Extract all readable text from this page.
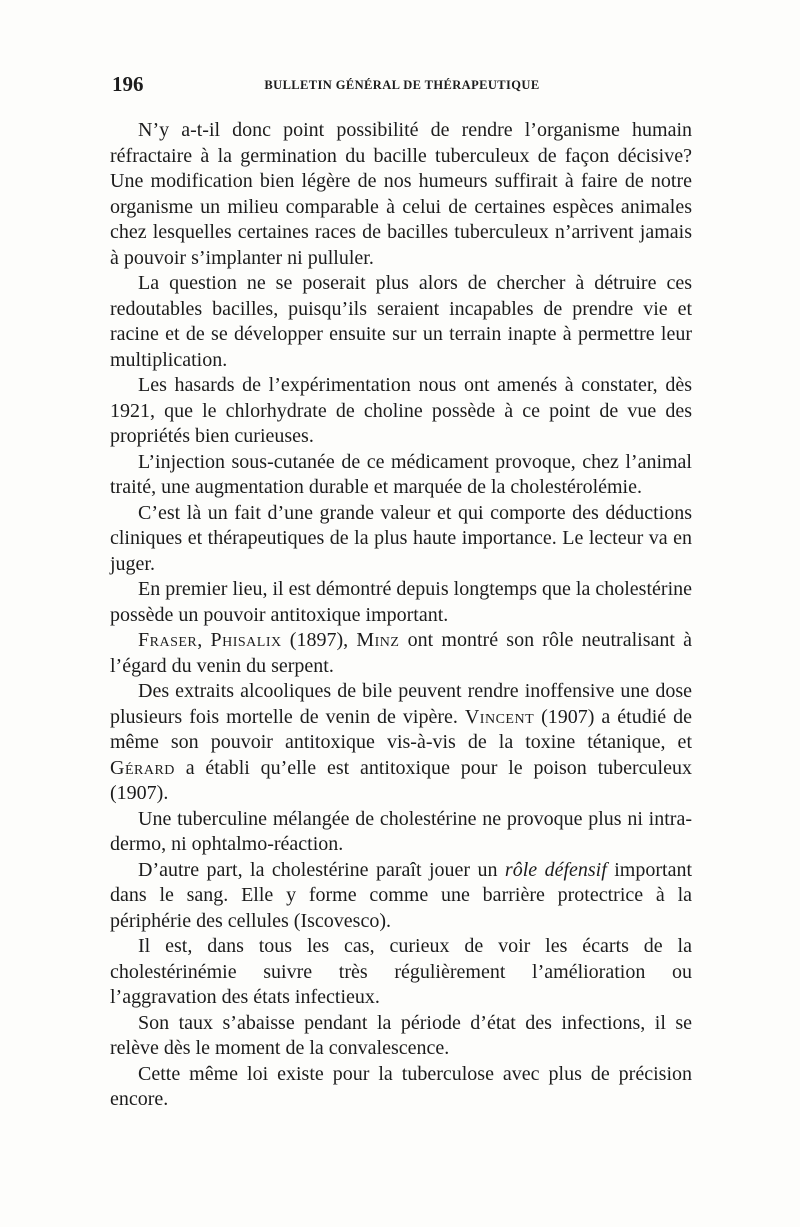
196	BULLETIN GÉNÉRAL DE THÉRAPEUTIQUE

N’y a-t-il donc point possibilité de rendre l’organisme humain réfractaire à la germination du bacille tuberculeux de façon décisive? Une modification bien légère de nos humeurs suffirait à faire de notre organisme un milieu comparable à celui de certaines espèces animales chez lesquelles certaines races de bacilles tuberculeux n’arrivent jamais à pouvoir s’implanter ni pulluler.

La question ne se poserait plus alors de chercher à détruire ces redoutables bacilles, puisqu’ils seraient incapables de prendre vie et racine et de se développer ensuite sur un terrain inapte à permettre leur multiplication.

Les hasards de l’expérimentation nous ont amenés à constater, dès 1921, que le chlorhydrate de choline possède à ce point de vue des propriétés bien curieuses.

L’injection sous-cutanée de ce médicament provoque, chez l’animal traité, une augmentation durable et marquée de la cholestérolémie.

C’est là un fait d’une grande valeur et qui comporte des déductions cliniques et thérapeutiques de la plus haute importance. Le lecteur va en juger.

En premier lieu, il est démontré depuis longtemps que la cholestérine possède un pouvoir antitoxique important.

Fraser, Phisalix (1897), Minz ont montré son rôle neutralisant à l’égard du venin du serpent.

Des extraits alcooliques de bile peuvent rendre inoffensive une dose plusieurs fois mortelle de venin de vipère. Vincent (1907) a étudié de même son pouvoir antitoxique vis-à-vis de la toxine tétanique, et Gérard a établi qu’elle est antitoxique pour le poison tuberculeux (1907).

Une tuberculine mélangée de cholestérine ne provoque plus ni intra-dermo, ni ophtalmo-réaction.

D’autre part, la cholestérine paraît jouer un rôle défensif important dans le sang. Elle y forme comme une barrière protectrice à la périphérie des cellules (Iscovesco).

Il est, dans tous les cas, curieux de voir les écarts de la cholestérinémie suivre très régulièrement l’amélioration ou l’aggravation des états infectieux.

Son taux s’abaisse pendant la période d’état des infections, il se relève dès le moment de la convalescence.

Cette même loi existe pour la tuberculose avec plus de précision encore.
